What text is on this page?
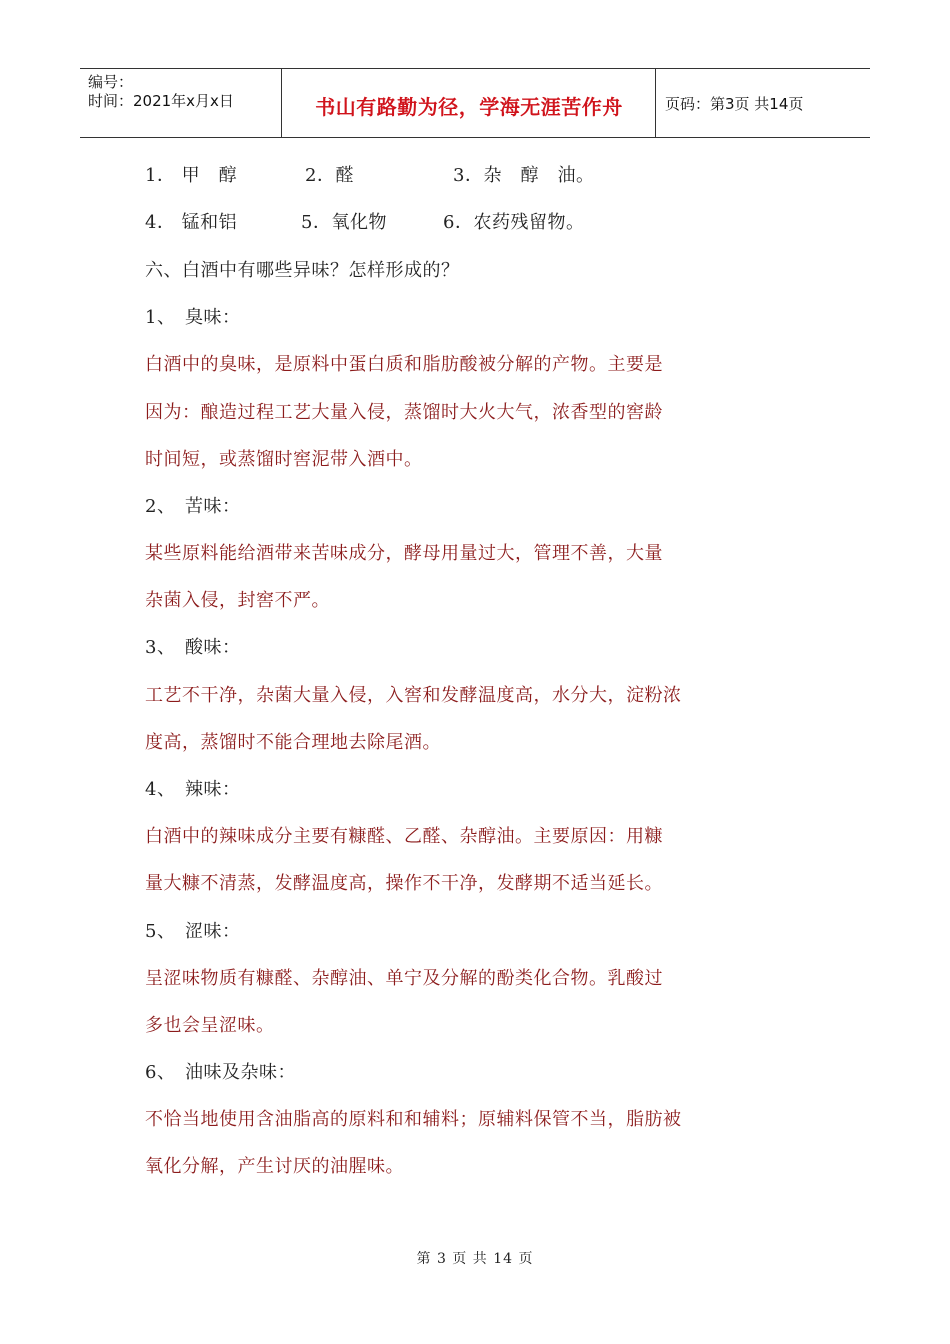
编号：
时间：2021年x月x日	书山有路勤为径，学海无涯苦作舟	页码：第3页 共14页
1． 甲　醇	2．醛	3．杂　醇　油。
4． 锰和铝	5．氧化物	6．农药残留物。
六、白酒中有哪些异味？怎样形成的？
1、　臭味：
白酒中的臭味，是原料中蛋白质和脂肪酸被分解的产物。主要是
因为：酿造过程工艺大量入侵，蒸馏时大火大气，浓香型的窖龄
时间短，或蒸馏时窖泥带入酒中。
2、　苦味：
某些原料能给酒带来苦味成分，酵母用量过大，管理不善，大量
杂菌入侵，封窖不严。
3、　酸味：
工艺不干净，杂菌大量入侵，入窖和发酵温度高，水分大，淀粉浓
度高，蒸馏时不能合理地去除尾酒。
4、　辣味：
白酒中的辣味成分主要有糠醛、乙醛、杂醇油。主要原因：用糠
量大糠不清蒸，发酵温度高，操作不干净，发酵期不适当延长。
5、　涩味：
呈涩味物质有糠醛、杂醇油、单宁及分解的酚类化合物。乳酸过
多也会呈涩味。
6、　油味及杂味：
不恰当地使用含油脂高的原料和和辅料；原辅料保管不当，脂肪被
氧化分解，产生讨厌的油腥味。
第 3 页 共 14 页
